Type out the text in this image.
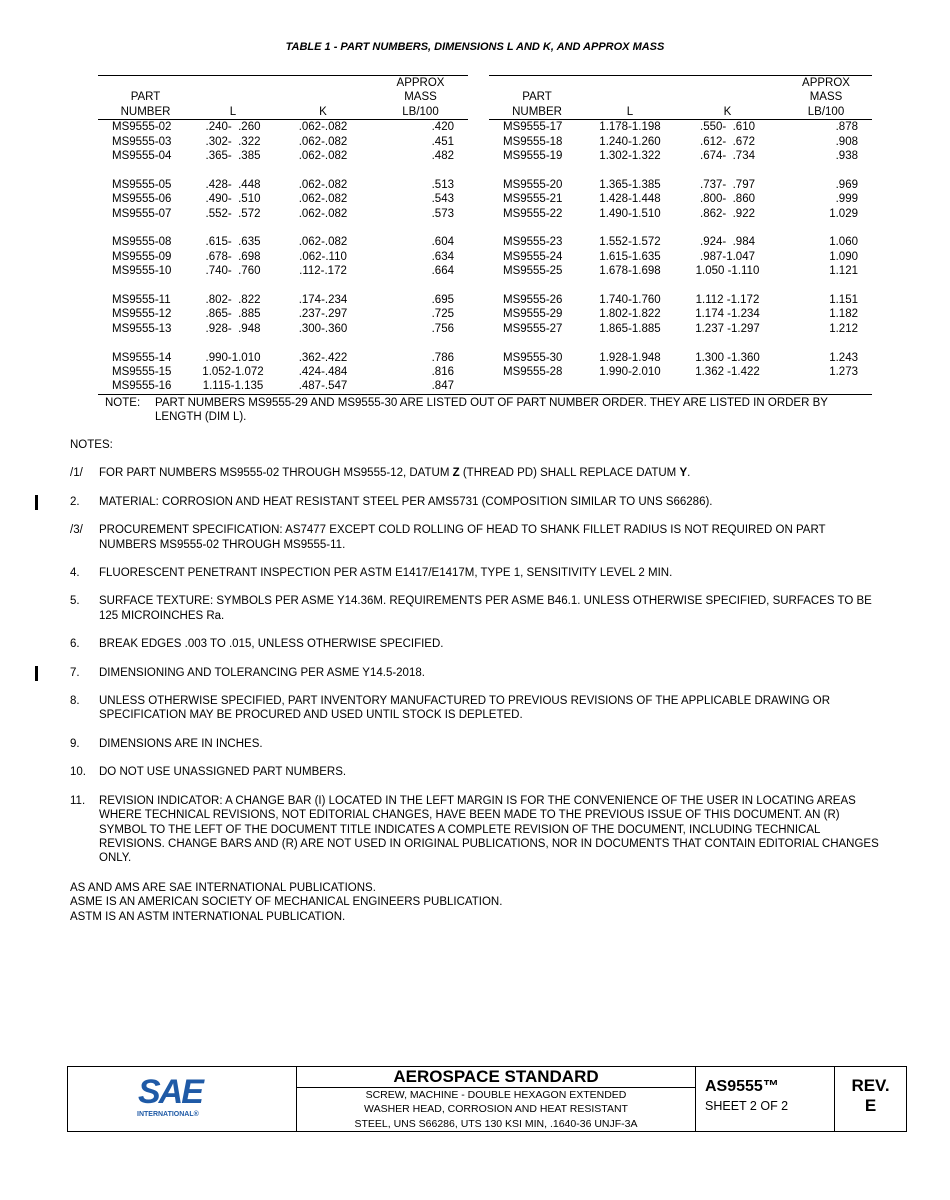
TABLE 1 - PART NUMBERS, DIMENSIONS L AND K, AND APPROX MASS
			APPROX
PART			MASS
NUMBER	L	K	LB/100
MS9555-02	.240-  .260	.062-.082	.420
MS9555-03	.302-  .322	.062-.082	.451
MS9555-04	.365-  .385	.062-.082	.482

MS9555-05	.428-  .448	.062-.082	.513
MS9555-06	.490-  .510	.062-.082	.543
MS9555-07	.552-  .572	.062-.082	.573

MS9555-08	.615-  .635	.062-.082	.604
MS9555-09	.678-  .698	.062-.110	.634
MS9555-10	.740-  .760	.112-.172	.664

MS9555-11	.802-  .822	.174-.234	.695
MS9555-12	.865-  .885	.237-.297	.725
MS9555-13	.928-  .948	.300-.360	.756

MS9555-14	.990-1.010	.362-.422	.786
MS9555-15	1.052-1.072	.424-.484	.816
MS9555-16	1.115-1.135	.487-.547	.847
			APPROX
PART			MASS
NUMBER	L	K	LB/100
MS9555-17	1.178-1.198	.550-  .610	.878
MS9555-18	1.240-1.260	.612-  .672	.908
MS9555-19	1.302-1.322	.674-  .734	.938

MS9555-20	1.365-1.385	.737-  .797	.969
MS9555-21	1.428-1.448	.800-  .860	.999
MS9555-22	1.490-1.510	.862-  .922	1.029

MS9555-23	1.552-1.572	.924-  .984	1.060
MS9555-24	1.615-1.635	.987-1.047	1.090
MS9555-25	1.678-1.698	1.050 -1.110	1.121

MS9555-26	1.740-1.760	1.112 -1.172	1.151
MS9555-29	1.802-1.822	1.174 -1.234	1.182
MS9555-27	1.865-1.885	1.237 -1.297	1.212

MS9555-30	1.928-1.948	1.300 -1.360	1.243
MS9555-28	1.990-2.010	1.362 -1.422	1.273
NOTE: PART NUMBERS MS9555-29 AND MS9555-30 ARE LISTED OUT OF PART NUMBER ORDER. THEY ARE LISTED IN ORDER BY LENGTH (DIM L).
NOTES:
/1/ FOR PART NUMBERS MS9555-02 THROUGH MS9555-12, DATUM Z (THREAD PD) SHALL REPLACE DATUM Y.
2. MATERIAL: CORROSION AND HEAT RESISTANT STEEL PER AMS5731 (COMPOSITION SIMILAR TO UNS S66286).
/3/ PROCUREMENT SPECIFICATION: AS7477 EXCEPT COLD ROLLING OF HEAD TO SHANK FILLET RADIUS IS NOT REQUIRED ON PART NUMBERS MS9555-02 THROUGH MS9555-11.
4. FLUORESCENT PENETRANT INSPECTION PER ASTM E1417/E1417M, TYPE 1, SENSITIVITY LEVEL 2 MIN.
5. SURFACE TEXTURE: SYMBOLS PER ASME Y14.36M. REQUIREMENTS PER ASME B46.1. UNLESS OTHERWISE SPECIFIED, SURFACES TO BE 125 MICROINCHES Ra.
6. BREAK EDGES .003 TO .015, UNLESS OTHERWISE SPECIFIED.
7. DIMENSIONING AND TOLERANCING PER ASME Y14.5-2018.
8. UNLESS OTHERWISE SPECIFIED, PART INVENTORY MANUFACTURED TO PREVIOUS REVISIONS OF THE APPLICABLE DRAWING OR SPECIFICATION MAY BE PROCURED AND USED UNTIL STOCK IS DEPLETED.
9. DIMENSIONS ARE IN INCHES.
10. DO NOT USE UNASSIGNED PART NUMBERS.
11. REVISION INDICATOR: A CHANGE BAR (I) LOCATED IN THE LEFT MARGIN IS FOR THE CONVENIENCE OF THE USER IN LOCATING AREAS WHERE TECHNICAL REVISIONS, NOT EDITORIAL CHANGES, HAVE BEEN MADE TO THE PREVIOUS ISSUE OF THIS DOCUMENT. AN (R) SYMBOL TO THE LEFT OF THE DOCUMENT TITLE INDICATES A COMPLETE REVISION OF THE DOCUMENT, INCLUDING TECHNICAL REVISIONS. CHANGE BARS AND (R) ARE NOT USED IN ORIGINAL PUBLICATIONS, NOR IN DOCUMENTS THAT CONTAIN EDITORIAL CHANGES ONLY.
AS AND AMS ARE SAE INTERNATIONAL PUBLICATIONS.
ASME IS AN AMERICAN SOCIETY OF MECHANICAL ENGINEERS PUBLICATION.
ASTM IS AN ASTM INTERNATIONAL PUBLICATION.
SAE
INTERNATIONAL®
AEROSPACE STANDARD
SCREW, MACHINE - DOUBLE HEXAGON EXTENDED
WASHER HEAD, CORROSION AND HEAT RESISTANT
STEEL, UNS S66286, UTS 130 KSI MIN, .1640-36 UNJF-3A
AS9555™
SHEET 2 OF 2
REV.
E
